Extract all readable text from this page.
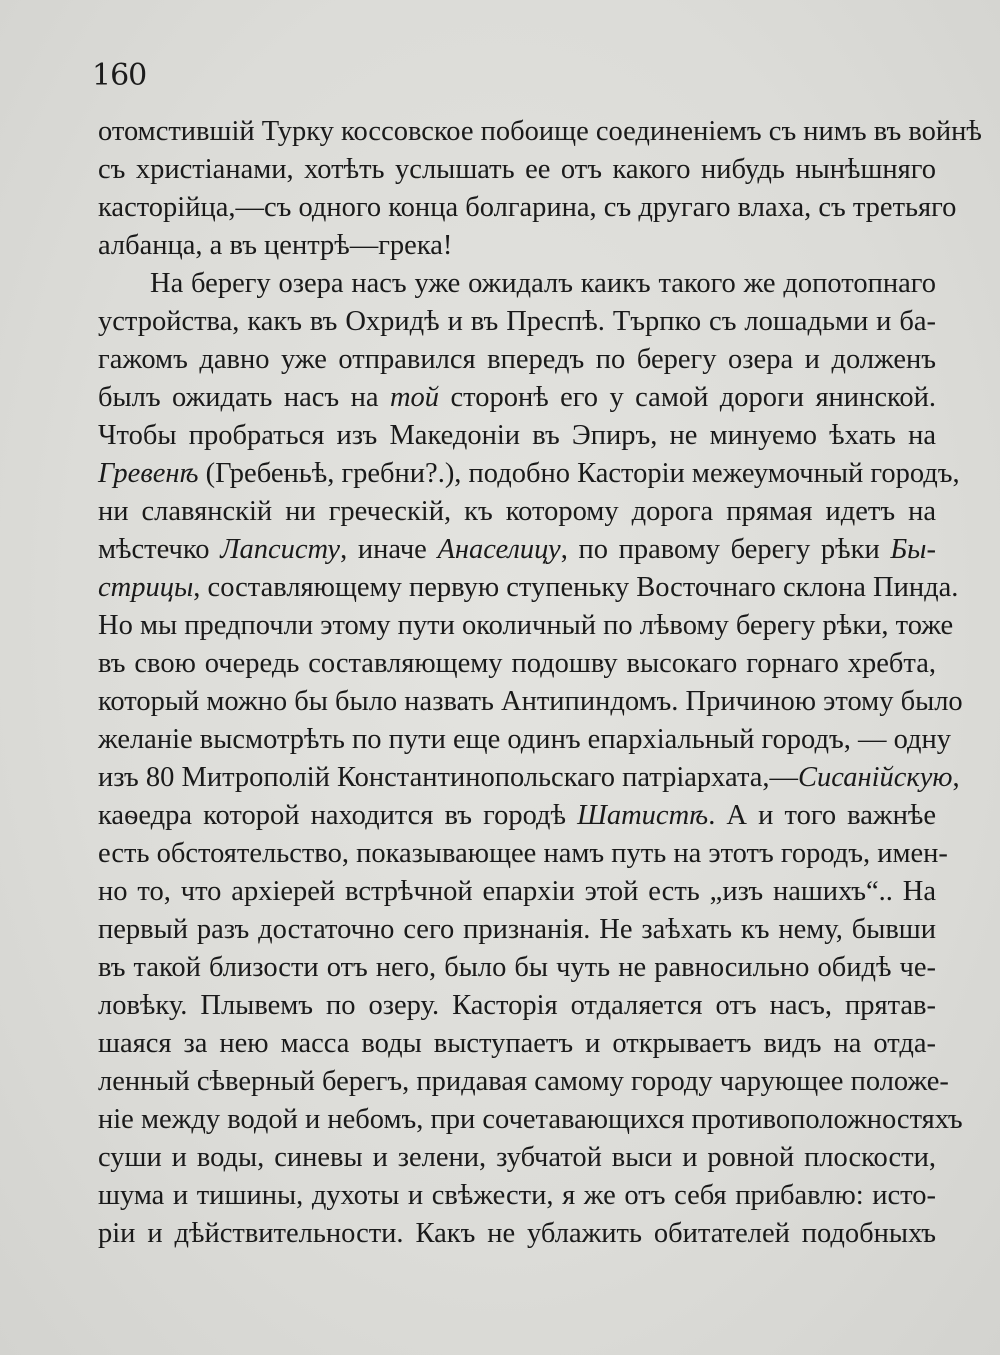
160
отомстившій Турку коссовское побоище соединеніемъ съ нимъ въ войнѣ
съ христіанами, хотѣть услышать ее отъ какого нибудь нынѣшняго
касторійца,—съ одного конца болгарина, съ другаго влаха, съ третьяго
албанца, а въ центрѣ—грека!
На берегу озера насъ уже ожидалъ каикъ такого же допотопнаго
устройства, какъ въ Охридѣ и въ Преспѣ. Търпко съ лошадьми и ба-
гажомъ давно уже отправился впередъ по берегу озера и долженъ
былъ ожидать насъ на той сторонѣ его у самой дороги янинской.
Чтобы пробраться изъ Македоніи въ Эпиръ, не минуемо ѣхать на
Гревенѣ (Гребеньѣ, гребни?.), подобно Касторіи межеумочный городъ,
ни славянскій ни греческій, къ которому дорога прямая идетъ на
мѣстечко Лапсисту, иначе Анаселицу, по правому берегу рѣки Бы-
стрицы, составляющему первую ступеньку Восточнаго склона Пинда.
Но мы предпочли этому пути околичный по лѣвому берегу рѣки, тоже
въ свою очередь составляющему подошву высокаго горнаго хребта,
который можно бы было назвать Антипиндомъ. Причиною этому было
желаніе высмотрѣть по пути еще одинъ епархіальный городъ, — одну
изъ 80 Митрополій Константинопольскаго патріархата,—Сисанійскую,
каѳедра которой находится въ городѣ Шатистѣ. А и того важнѣе
есть обстоятельство, показывающее намъ путь на этотъ городъ, имен-
но то, что архіерей встрѣчной епархіи этой есть „изъ нашихъ“.. На
первый разъ достаточно сего признанія. Не заѣхать къ нему, бывши
въ такой близости отъ него, было бы чуть не равносильно обидѣ че-
ловѣку. Плывемъ по озеру. Касторія отдаляется отъ насъ, прятав-
шаяся за нею масса воды выступаетъ и открываетъ видъ на отда-
ленный сѣверный берегъ, придавая самому городу чарующее положе-
ніе между водой и небомъ, при сочетавающихся противоположностяхъ
суши и воды, синевы и зелени, зубчатой выси и ровной плоскости,
шума и тишины, духоты и свѣжести, я же отъ себя прибавлю: исто-
ріи и дѣйствительности. Какъ не ублажить обитателей подобныхъ
